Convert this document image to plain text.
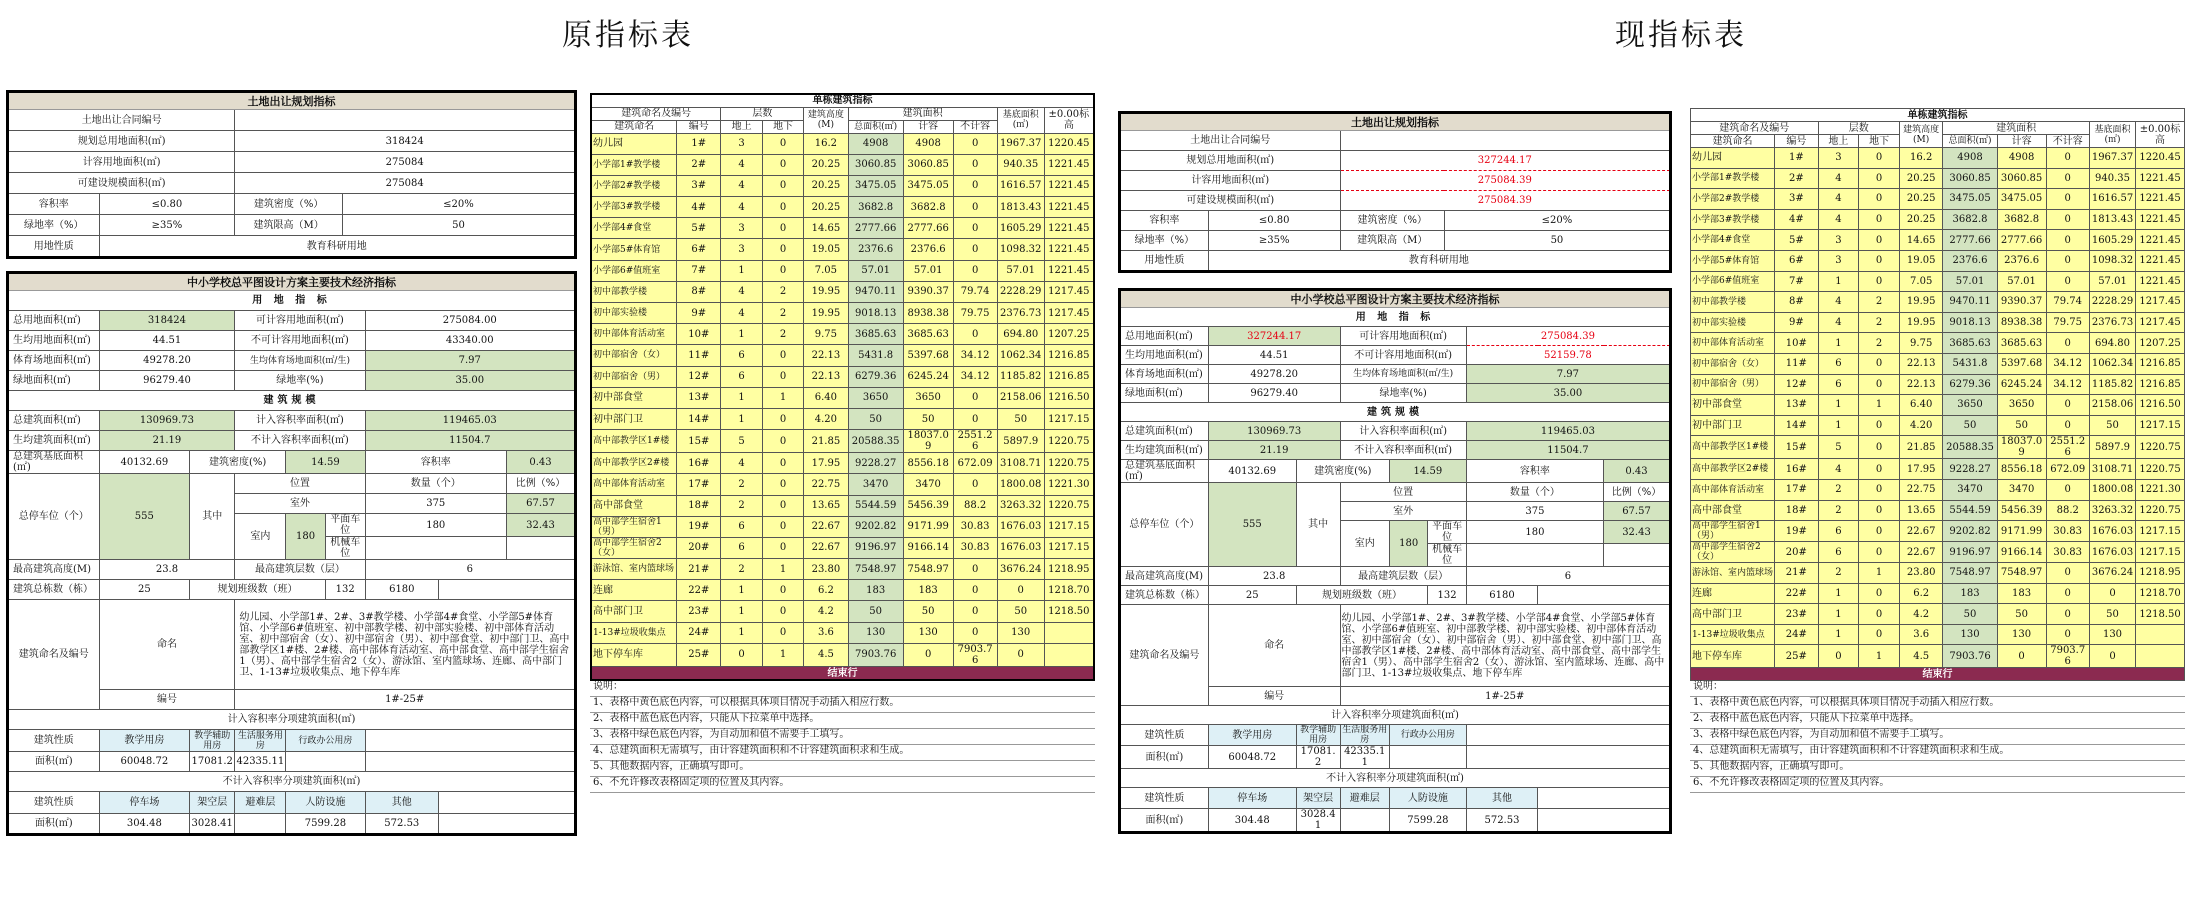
原指标表	现指标表
土地出让规划指标			
土地出让合同编号			
规划总用地面积(㎡)		318424	
计容用地面积(㎡)		275084	
可建设规模面积(㎡)		275084	
容积率	≤0.80	建筑密度（%）	≤20%
绿地率（%）	≥35%	建筑限高（M）	50
用地性质	教育科研用地		
中小学校总平图设计方案主要技术经济指标								
用 地 指 标								
总用地面积(㎡)	318424		可计容用地面积(㎡)			275084.00		
生均用地面积(㎡)	44.51		不可计容用地面积(㎡)			43340.00		
体育场地面积(㎡)	49278.20		生均体育场地面积(㎡/生)			7.97		
绿地面积(㎡)	96279.40		绿地率(%)			35.00		
建筑规模								
总建筑面积(㎡)	130969.73		计入容积率面积(㎡)			119465.03		
生均建筑面积(㎡)	21.19		不计入容积率面积(㎡)			11504.7		
总建筑基底面积(㎡)	40132.69	建筑密度(%)		14.59		容积率		0.43
总停车位（个）	555	其中	位置			数量（个）		比例（%）
			室外			375		67.57
			室内	180	平面车位	180		32.43
					机械车位			
最高建筑高度(M)	23.8		最高建筑层数（层）			6		
建筑总栋数（栋）	25	规划班级数（班）			132	6180		
建筑命名及编号	命名		幼儿园、小学部1#、2#、3#教学楼、小学部4#食堂、小学部5#体育馆、小学部6#值班室、初中部教学楼、初中部实验楼、初中部体育活动室、初中部宿舍（女）、初中部宿舍（男）、初中部食堂、初中部门卫、高中部教学区1#楼、2#楼、高中部体育活动室、高中部食堂、高中部学生宿舍1（男）、高中部学生宿舍2（女）、游泳馆、室内篮球场、连廊、高中部门卫、1-13#垃圾收集点、地下停车库					
	编号		1#-25#					
计入容积率分项建筑面积(㎡)								
建筑性质	教学用房	教学辅助用房	生活服务用房	行政办公用房				
面积(㎡)	60048.72	17081.2	42335.11					
不计入容积率分项建筑面积(㎡)								
建筑性质	停车场	架空层	避难层	人防设施		其他		
面积(㎡)	304.48	3028.41		7599.28		572.53		
单栋建筑指标									
建筑命名及编号		层数		建筑高度(M)	建筑面积			基底面积(㎡)	±0.00标高
建筑命名	编号	地上	地下		总面积(㎡)	计容	不计容		
幼儿园	1#	3	0	16.2	4908	4908	0	1967.37	1220.45
小学部1#教学楼	2#	4	0	20.25	3060.85	3060.85	0	940.35	1221.45
小学部2#教学楼	3#	4	0	20.25	3475.05	3475.05	0	1616.57	1221.45
小学部3#教学楼	4#	4	0	20.25	3682.8	3682.8	0	1813.43	1221.45
小学部4#食堂	5#	3	0	14.65	2777.66	2777.66	0	1605.29	1221.45
小学部5#体育馆	6#	3	0	19.05	2376.6	2376.6	0	1098.32	1221.45
小学部6#值班室	7#	1	0	7.05	57.01	57.01	0	57.01	1221.45
初中部教学楼	8#	4	2	19.95	9470.11	9390.37	79.74	2228.29	1217.45
初中部实验楼	9#	4	2	19.95	9018.13	8938.38	79.75	2376.73	1217.45
初中部体育活动室	10#	1	2	9.75	3685.63	3685.63	0	694.80	1207.25
初中部宿舍（女）	11#	6	0	22.13	5431.8	5397.68	34.12	1062.34	1216.85
初中部宿舍（男）	12#	6	0	22.13	6279.36	6245.24	34.12	1185.82	1216.85
初中部食堂	13#	1	1	6.40	3650	3650	0	2158.06	1216.50
初中部门卫	14#	1	0	4.20	50	50	0	50	1217.15
高中部教学区1#楼	15#	5	0	21.85	20588.35	18037.09	2551.26	5897.9	1220.75
高中部教学区2#楼	16#	4	0	17.95	9228.27	8556.18	672.09	3108.71	1220.75
高中部体育活动室	17#	2	0	22.75	3470	3470	0	1800.08	1221.30
高中部食堂	18#	2	0	13.65	5544.59	5456.39	88.2	3263.32	1220.75
高中部学生宿舍1（男）	19#	6	0	22.67	9202.82	9171.99	30.83	1676.03	1217.15
高中部学生宿舍2（女）	20#	6	0	22.67	9196.97	9166.14	30.83	1676.03	1217.15
游泳馆、室内篮球场	21#	2	1	23.80	7548.97	7548.97	0	3676.24	1218.95
连廊	22#	1	0	6.2	183	183	0	0	1218.70
高中部门卫	23#	1	0	4.2	50	50	0	50	1218.50
1-13#垃圾收集点	24#	1	0	3.6	130	130	0	130	
地下停车库	25#	0	1	4.5	7903.76	0	7903.76	0	
结束行									
说明：
1、表格中黄色底色内容，可以根据具体项目情况手动插入相应行数。
2、表格中蓝色底色内容，只能从下拉菜单中选择。
3、表格中绿色底色内容，为自动加和值不需要手工填写。
4、总建筑面积无需填写，由计容建筑面积和不计容建筑面积求和生成。
5、其他数据内容，正确填写即可。
6、不允许修改表格固定项的位置及其内容。
土地出让规划指标			
土地出让合同编号			
规划总用地面积(㎡)		327244.17	
计容用地面积(㎡)		275084.39	
可建设规模面积(㎡)		275084.39	
容积率	≤0.80	建筑密度（%）	≤20%
绿地率（%）	≥35%	建筑限高（M）	50
用地性质	教育科研用地		
中小学校总平图设计方案主要技术经济指标								
用 地 指 标								
总用地面积(㎡)	327244.17		可计容用地面积(㎡)			275084.39		
生均用地面积(㎡)	44.51		不可计容用地面积(㎡)			52159.78		
体育场地面积(㎡)	49278.20		生均体育场地面积(㎡/生)			7.97		
绿地面积(㎡)	96279.40		绿地率(%)			35.00		
建筑规模								
总建筑面积(㎡)	130969.73		计入容积率面积(㎡)			119465.03		
生均建筑面积(㎡)	21.19		不计入容积率面积(㎡)			11504.7		
总建筑基底面积(㎡)	40132.69	建筑密度(%)		14.59		容积率		0.43
总停车位（个）	555	其中	位置			数量（个）		比例（%）
			室外			375		67.57
			室内	180	平面车位	180		32.43
					机械车位			
最高建筑高度(M)	23.8		最高建筑层数（层）			6		
建筑总栋数（栋）	25	规划班级数（班）			132	6180		
建筑命名及编号	命名		幼儿园、小学部1#、2#、3#教学楼、小学部4#食堂、小学部5#体育馆、小学部6#值班室、初中部教学楼、初中部实验楼、初中部体育活动室、初中部宿舍（女）、初中部宿舍（男）、初中部食堂、初中部门卫、高中部教学区1#楼、2#楼、高中部体育活动室、高中部食堂、高中部学生宿舍1（男）、高中部学生宿舍2（女）、游泳馆、室内篮球场、连廊、高中部门卫、1-13#垃圾收集点、地下停车库					
	编号		1#-25#					
计入容积率分项建筑面积(㎡)								
建筑性质	教学用房	教学辅助用房	生活服务用房	行政办公用房				
面积(㎡)	60048.72	17081.2	42335.11					
不计入容积率分项建筑面积(㎡)								
建筑性质	停车场	架空层	避难层	人防设施		其他		
面积(㎡)	304.48	3028.41		7599.28		572.53		
单栋建筑指标									
建筑命名及编号		层数		建筑高度(M)	建筑面积			基底面积(㎡)	±0.00标高
建筑命名	编号	地上	地下		总面积(㎡)	计容	不计容		
幼儿园	1#	3	0	16.2	4908	4908	0	1967.37	1220.45
小学部1#教学楼	2#	4	0	20.25	3060.85	3060.85	0	940.35	1221.45
小学部2#教学楼	3#	4	0	20.25	3475.05	3475.05	0	1616.57	1221.45
小学部3#教学楼	4#	4	0	20.25	3682.8	3682.8	0	1813.43	1221.45
小学部4#食堂	5#	3	0	14.65	2777.66	2777.66	0	1605.29	1221.45
小学部5#体育馆	6#	3	0	19.05	2376.6	2376.6	0	1098.32	1221.45
小学部6#值班室	7#	1	0	7.05	57.01	57.01	0	57.01	1221.45
初中部教学楼	8#	4	2	19.95	9470.11	9390.37	79.74	2228.29	1217.45
初中部实验楼	9#	4	2	19.95	9018.13	8938.38	79.75	2376.73	1217.45
初中部体育活动室	10#	1	2	9.75	3685.63	3685.63	0	694.80	1207.25
初中部宿舍（女）	11#	6	0	22.13	5431.8	5397.68	34.12	1062.34	1216.85
初中部宿舍（男）	12#	6	0	22.13	6279.36	6245.24	34.12	1185.82	1216.85
初中部食堂	13#	1	1	6.40	3650	3650	0	2158.06	1216.50
初中部门卫	14#	1	0	4.20	50	50	0	50	1217.15
高中部教学区1#楼	15#	5	0	21.85	20588.35	18037.09	2551.26	5897.9	1220.75
高中部教学区2#楼	16#	4	0	17.95	9228.27	8556.18	672.09	3108.71	1220.75
高中部体育活动室	17#	2	0	22.75	3470	3470	0	1800.08	1221.30
高中部食堂	18#	2	0	13.65	5544.59	5456.39	88.2	3263.32	1220.75
高中部学生宿舍1（男）	19#	6	0	22.67	9202.82	9171.99	30.83	1676.03	1217.15
高中部学生宿舍2（女）	20#	6	0	22.67	9196.97	9166.14	30.83	1676.03	1217.15
游泳馆、室内篮球场	21#	2	1	23.80	7548.97	7548.97	0	3676.24	1218.95
连廊	22#	1	0	6.2	183	183	0	0	1218.70
高中部门卫	23#	1	0	4.2	50	50	0	50	1218.50
1-13#垃圾收集点	24#	1	0	3.6	130	130	0	130	
地下停车库	25#	0	1	4.5	7903.76	0	7903.76	0	
结束行									
说明：
1、表格中黄色底色内容，可以根据具体项目情况手动插入相应行数。
2、表格中蓝色底色内容，只能从下拉菜单中选择。
3、表格中绿色底色内容，为自动加和值不需要手工填写。
4、总建筑面积无需填写，由计容建筑面积和不计容建筑面积求和生成。
5、其他数据内容，正确填写即可。
6、不允许修改表格固定项的位置及其内容。
